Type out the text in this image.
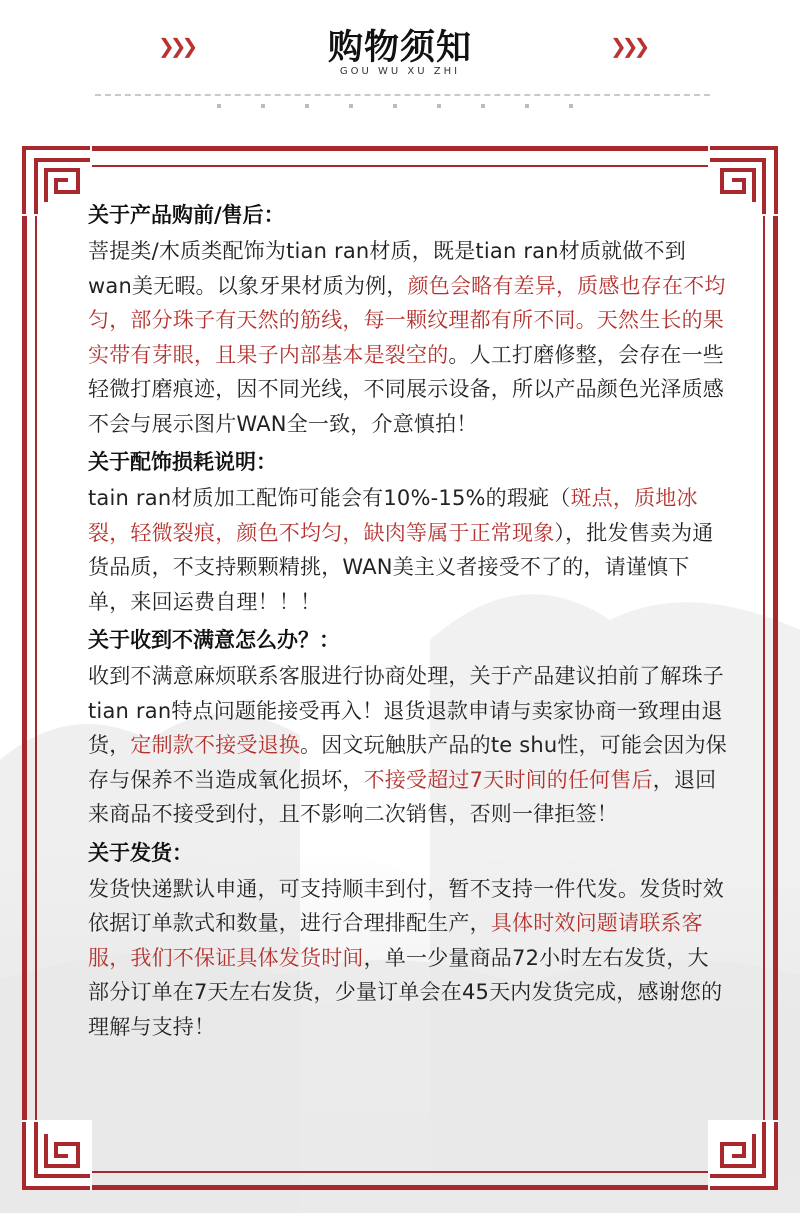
❯❯❯	购物须知	❯❯❯
GOU WU XU ZHI

关于产品购前/售后：

菩提类/木质类配饰为tian ran材质，既是tian ran材质就做不到wan美无暇。以象牙果材质为例，颜色会略有差异，质感也存在不均匀，部分珠子有天然的筋线，每一颗纹理都有所不同。天然生长的果实带有芽眼，且果子内部基本是裂空的。人工打磨修整，会存在一些轻微打磨痕迹，因不同光线，不同展示设备，所以产品颜色光泽质感不会与展示图片WAN全一致，介意慎拍！

关于配饰损耗说明：

tain ran材质加工配饰可能会有10%-15%的瑕疵（斑点，质地冰裂，轻微裂痕，颜色不均匀，缺肉等属于正常现象），批发售卖为通货品质，不支持颗颗精挑，WAN美主义者接受不了的，请谨慎下单，来回运费自理！！！

关于收到不满意怎么办？：

收到不满意麻烦联系客服进行协商处理，关于产品建议拍前了解珠子tian ran特点问题能接受再入！退货退款申请与卖家协商一致理由退货，定制款不接受退换。因文玩触肤产品的te shu性，可能会因为保存与保养不当造成氧化损坏，不接受超过7天时间的任何售后，退回来商品不接受到付，且不影响二次销售，否则一律拒签！

关于发货：

发货快递默认申通，可支持顺丰到付，暂不支持一件代发。发货时效依据订单款式和数量，进行合理排配生产，具体时效问题请联系客服，我们不保证具体发货时间，单一少量商品72小时左右发货，大部分订单在7天左右发货，少量订单会在45天内发货完成，感谢您的理解与支持！
